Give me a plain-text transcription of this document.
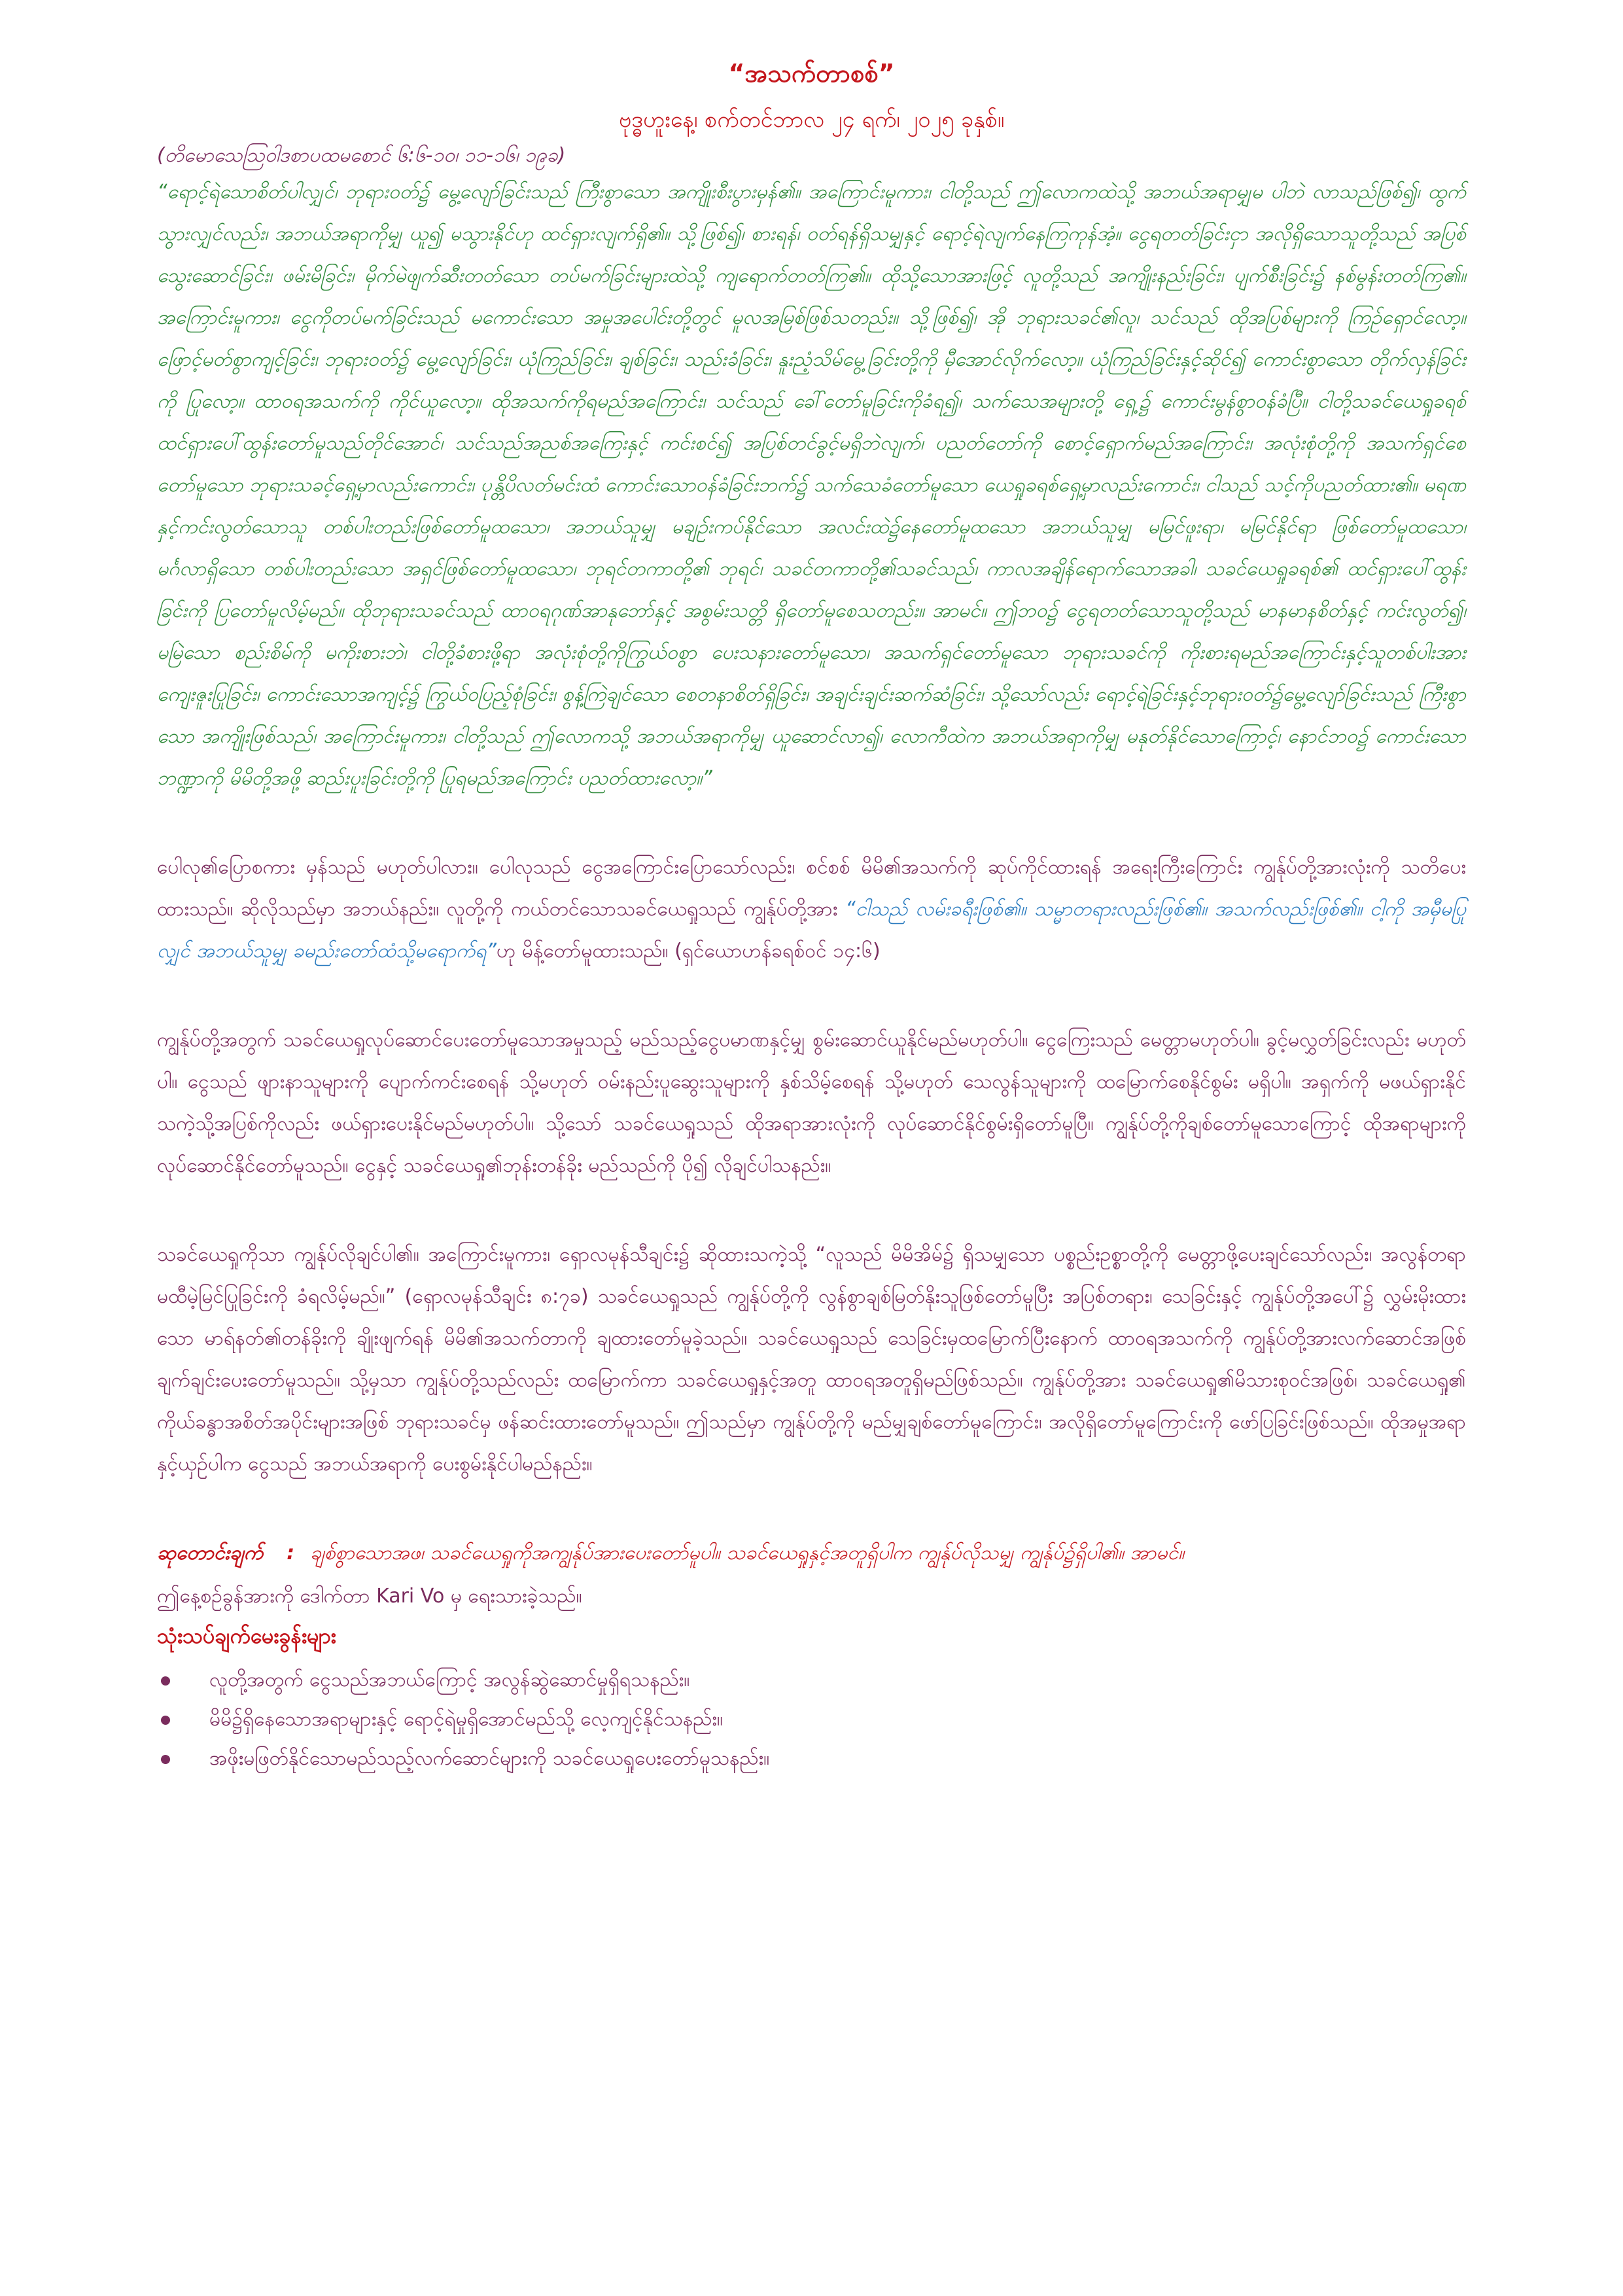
“အသက်တာစစ်”
ဗုဒ္ဓဟူးနေ့၊ စက်တင်ဘာလ ၂၄ ရက်၊ ၂၀၂၅ ခုနှစ်။

(တိမောသေဩဝါဒစာပထမစောင် ၆:၆-၁၀၊ ၁၁-၁၆၊ ၁၉ခ)

“ရောင့်ရဲသောစိတ်ပါလျှင်၊ ဘုရားဝတ်၌ မွေ့လျော်ခြင်းသည် ကြီးစွာသော အကျိုးစီးပွားမှန်၏။ အကြောင်းမူကား၊ ငါတို့သည် ဤလောကထဲသို့ အဘယ်အရာမျှမ ပါဘဲ လာသည်ဖြစ်၍၊ ထွက်သွားလျှင်လည်း၊ အဘယ်အရာကိုမျှ ယူ၍ မသွားနိုင်ဟု ထင်ရှားလျက်ရှိ၏။ သို့ဖြစ်၍၊ စားရန်၊ ဝတ်ရန်ရှိသမျှနှင့် ရောင့်ရဲလျက်နေကြကုန်အံ့။ ငွေရတတ်ခြင်းငှာ အလိုရှိသောသူတို့သည် အပြစ်သွေးဆောင်ခြင်း၊ ဖမ်းမိခြင်း၊ မိုက်မဲဖျက်ဆီးတတ်သော တပ်မက်ခြင်းများထဲသို့ ကျရောက်တတ်ကြ၏။ ထိုသို့သောအားဖြင့် လူတို့သည် အကျိုးနည်းခြင်း၊ ပျက်စီးခြင်း၌ နစ်မွန်းတတ်ကြ၏။ အကြောင်းမူကား၊ ငွေကိုတပ်မက်ခြင်းသည် မကောင်းသော အမှုအပေါင်းတို့တွင် မူလအမြစ်ဖြစ်သတည်း။ သို့ဖြစ်၍၊ အို ဘုရားသခင်၏လူ၊ သင်သည် ထိုအပြစ်များကို ကြဉ်ရှောင်လော့။ ဖြောင့်မတ်စွာကျင့်ခြင်း၊ ဘုရားဝတ်၌ မွေ့လျော်ခြင်း၊ ယုံကြည်ခြင်း၊ ချစ်ခြင်း၊ သည်းခံခြင်း၊ နူးညံ့သိမ်မွေ့ခြင်းတို့ကို မှီအောင်လိုက်လော့။ ယုံကြည်ခြင်းနှင့်ဆိုင်၍ ကောင်းစွာသော တိုက်လှန်ခြင်းကို ပြုလော့။ ထာဝရအသက်ကို ကိုင်ယူလော့။ ထိုအသက်ကိုရမည်အကြောင်း၊ သင်သည် ခေါ်တော်မူခြင်းကိုခံရ၍၊ သက်သေအများတို့ ရှေ့၌ ကောင်းမွန်စွာဝန်ခံပြီ။ ငါတို့သခင်ယေရှုခရစ် ထင်ရှားပေါ်ထွန်းတော်မူသည်တိုင်အောင်၊ သင်သည်အညစ်အကြေးနှင့် ကင်းစင်၍ အပြစ်တင်ခွင့်မရှိဘဲလျက်၊ ပညတ်တော်ကို စောင့်ရှောက်မည်အကြောင်း၊ အလုံးစုံတို့ကို အသက်ရှင်စေတော်မူသော ဘုရားသခင့်ရှေ့မှာလည်းကောင်း၊ ပုန္တိပိလတ်မင်းထံ ကောင်းသောဝန်ခံခြင်းဘက်၌ သက်သေခံတော်မူသော ယေရှုခရစ်ရှေ့မှာလည်းကောင်း၊ ငါသည် သင့်ကိုပညတ်ထား၏။ မရဏနှင့်ကင်းလွတ်သောသူ တစ်ပါးတည်းဖြစ်တော်မူထသော၊ အဘယ်သူမျှ မချဉ်းကပ်နိုင်သော အလင်းထဲ၌နေတော်မူထသော အဘယ်သူမျှ မမြင်ဖူးရာ၊ မမြင်နိုင်ရာ ဖြစ်တော်မူထသော၊ မင်္ဂလာရှိသော တစ်ပါးတည်းသော အရှင်ဖြစ်တော်မူထသော၊ ဘုရင်တကာတို့၏ ဘုရင်၊ သခင်တကာတို့၏သခင်သည်၊ ကာလအချိန်ရောက်သောအခါ၊ သခင်ယေရှုခရစ်၏ ထင်ရှားပေါ်ထွန်းခြင်းကို ပြတော်မူလိမ့်မည်။ ထိုဘုရားသခင်သည် ထာဝရဂုဏ်အာနုဘော်နှင့် အစွမ်းသတ္တိ ရှိတော်မူစေသတည်း။ အာမင်။ ဤဘဝ၌ ငွေရတတ်သောသူတို့သည် မာနမာနစိတ်နှင့် ကင်းလွတ်၍၊ မမြဲသော စည်းစိမ်ကို မကိုးစားဘဲ၊ ငါတို့ခံစားဖို့ရာ အလုံးစုံတို့ကိုကြွယ်ဝစွာ ပေးသနားတော်မူသော၊ အသက်ရှင်တော်မူသော ဘုရားသခင်ကို ကိုးစားရမည်အကြောင်းနှင့်သူတစ်ပါးအားကျေးဇူးပြုခြင်း၊ ကောင်းသောအကျင့်၌ ကြွယ်ဝပြည့်စုံခြင်း၊ စွန့်ကြဲချင်သော စေတနာစိတ်ရှိခြင်း၊ အချင်းချင်းဆက်ဆံခြင်း၊ သို့သော်လည်း ရောင့်ရဲခြင်းနှင့်ဘုရားဝတ်၌မွေ့လျော်ခြင်းသည် ကြီးစွာသော အကျိုးဖြစ်သည်၊ အကြောင်းမူကား၊ ငါတို့သည် ဤလောကသို့ အဘယ်အရာကိုမျှ ယူဆောင်လာ၍၊ လောကီထဲက အဘယ်အရာကိုမျှ မနုတ်နိုင်သောကြောင့်၊ နောင်ဘဝ၌ ကောင်းသောဘဏ္ဍာကို မိမိတို့အဖို့ ဆည်းပူးခြင်းတို့ကို ပြုရမည်အကြောင်း ပညတ်ထားလော့။”

ပေါလု၏ပြောစကား မှန်သည် မဟုတ်ပါလား။ ပေါလုသည် ငွေအကြောင်းပြောသော်လည်း၊ စင်စစ် မိမိ၏အသက်ကို ဆုပ်ကိုင်ထားရန် အရေးကြီးကြောင်း ကျွန်ုပ်တို့အားလုံးကို သတိပေးထားသည်။ ဆိုလိုသည်မှာ အဘယ်နည်း။ လူတို့ကို ကယ်တင်သောသခင်ယေရှုသည် ကျွန်ုပ်တို့အား “ငါသည် လမ်းခရီးဖြစ်၏။ သမ္မာတရားလည်းဖြစ်၏။ အသက်လည်းဖြစ်၏။ ငါ့ကို အမှီမပြုလျှင် အဘယ်သူမျှ ခမည်းတော်ထံသို့မရောက်ရ”ဟု မိန့်တော်မူထားသည်။ (ရှင်ယောဟန်ခရစ်ဝင် ၁၄:၆)

ကျွန်ုပ်တို့အတွက် သခင်ယေရှုလုပ်ဆောင်ပေးတော်မူသောအမှုသည့် မည်သည့်ငွေပမာဏနှင့်မျှ စွမ်းဆောင်ယူနိုင်မည်မဟုတ်ပါ။ ငွေကြေးသည် မေတ္တာမဟုတ်ပါ။ ခွင့်မလွှတ်ခြင်းလည်း မဟုတ်ပါ။ ငွေသည် ဖျားနာသူများကို ပျောက်ကင်းစေရန် သို့မဟုတ် ဝမ်းနည်းပူဆွေးသူများကို နှစ်သိမ့်စေရန် သို့မဟုတ် သေလွန်သူများကို ထမြောက်စေနိုင်စွမ်း မရှိပါ။ အရှက်ကို မဖယ်ရှားနိုင်သကဲ့သို့အပြစ်ကိုလည်း ဖယ်ရှားပေးနိုင်မည်မဟုတ်ပါ။ သို့သော် သခင်ယေရှုသည် ထိုအရာအားလုံးကို လုပ်ဆောင်နိုင်စွမ်းရှိတော်မူပြီ။ ကျွန်ုပ်တို့ကိုချစ်တော်မူသောကြောင့် ထိုအရာများကို လုပ်ဆောင်နိုင်တော်မူသည်။ ငွေနှင့် သခင်ယေရှု၏ဘုန်းတန်ခိုး မည်သည်ကို ပို၍ လိုချင်ပါသနည်း။

သခင်ယေရှုကိုသာ ကျွန်ုပ်လိုချင်ပါ၏။ အကြောင်းမူကား၊ ရှောလမုန်သီချင်း၌ ဆိုထားသကဲ့သို့ “လူသည် မိမိအိမ်၌ ရှိသမျှသော ပစ္စည်းဥစ္စာတို့ကို မေတ္တာဖို့ပေးချင်သော်လည်း၊ အလွန်တရာမထီမဲ့မြင်ပြုခြင်းကို ခံရလိမ့်မည်။” (ရှောလမုန်သီချင်း ၈:၇ခ) သခင်ယေရှုသည် ကျွန်ုပ်တို့ကို လွန်စွာချစ်မြတ်နိုးသူဖြစ်တော်မူပြီး အပြစ်တရား၊ သေခြင်းနှင့် ကျွန်ုပ်တို့အပေါ်၌ လွှမ်းမိုးထားသော မာရ်နတ်၏တန်ခိုးကို ချိုးဖျက်ရန် မိမိ၏အသက်တာကို ချထားတော်မူခဲ့သည်။ သခင်ယေရှုသည် သေခြင်းမှထမြောက်ပြီးနောက် ထာဝရအသက်ကို ကျွန်ုပ်တို့အားလက်ဆောင်အဖြစ် ချက်ချင်းပေးတော်မူသည်။ သို့မှသာ ကျွန်ုပ်တို့သည်လည်း ထမြောက်ကာ သခင်ယေရှုနှင့်အတူ ထာဝရအတူရှိမည်ဖြစ်သည်။ ကျွန်ုပ်တို့အား သခင်ယေရှု၏မိသားစုဝင်အဖြစ်၊ သခင်ယေရှု၏ ကိုယ်ခန္ဓာအစိတ်အပိုင်းများအဖြစ် ဘုရားသခင်မှ ဖန်ဆင်းထားတော်မူသည်။ ဤသည်မှာ ကျွန်ုပ်တို့ကို မည်မျှချစ်တော်မူကြောင်း၊ အလိုရှိတော်မူကြောင်းကို ဖော်ပြခြင်းဖြစ်သည်။ ထိုအမှုအရာနှင့်ယှဉ်ပါက ငွေသည် အဘယ်အရာကို ပေးစွမ်းနိုင်ပါမည်နည်း။

ဆုတောင်းချက် : ချစ်စွာသောအဖ၊ သခင်ယေရှုကိုအကျွန်ုပ်အားပေးတော်မူပါ။ သခင်ယေရှုနှင့်အတူရှိပါက ကျွန်ုပ်လိုသမျှ ကျွန်ုပ်၌ရှိပါ၏။ အာမင်။

ဤနေ့စဉ်ခွန်အားကို ဒေါက်တာ Kari Vo မှ ရေးသားခဲ့သည်။

သုံးသပ်ချက်မေးခွန်းများ
လူတို့အတွက် ငွေသည်အဘယ်ကြောင့် အလွန်ဆွဲဆောင်မှုရှိရသနည်း။
မိမိ၌ရှိနေသောအရာများနှင့် ရောင့်ရဲမှုရှိအောင်မည်သို့ လေ့ကျင့်နိုင်သနည်း။
အဖိုးမဖြတ်နိုင်သောမည်သည့်လက်ဆောင်များကို သခင်ယေရှုပေးတော်မူသနည်း။
